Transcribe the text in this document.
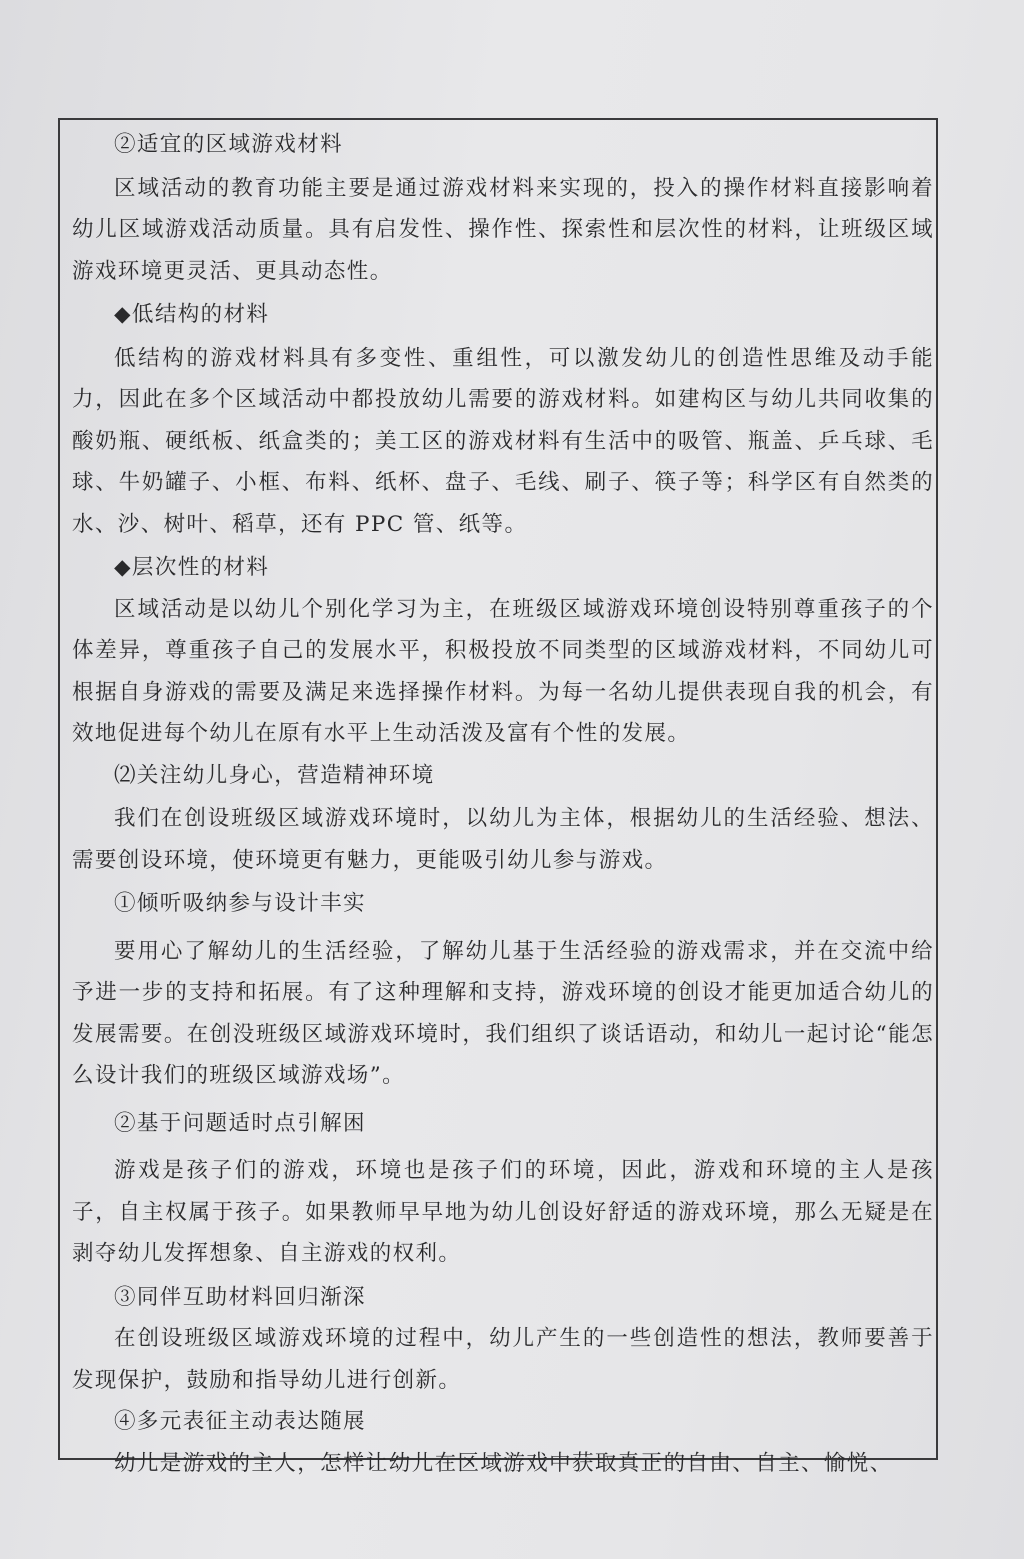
②适宜的区域游戏材料

区域活动的教育功能主要是通过游戏材料来实现的，投入的操作材料直接影响着幼儿区域游戏活动质量。具有启发性、操作性、探索性和层次性的材料，让班级区域游戏环境更灵活、更具动态性。

◆低结构的材料

低结构的游戏材料具有多变性、重组性，可以激发幼儿的创造性思维及动手能力，因此在多个区域活动中都投放幼儿需要的游戏材料。如建构区与幼儿共同收集的酸奶瓶、硬纸板、纸盒类的；美工区的游戏材料有生活中的吸管、瓶盖、乒乓球、毛球、牛奶罐子、小框、布料、纸杯、盘子、毛线、刷子、筷子等；科学区有自然类的水、沙、树叶、稻草，还有 PPC 管、纸等。

◆层次性的材料

区域活动是以幼儿个别化学习为主，在班级区域游戏环境创设特别尊重孩子的个体差异，尊重孩子自己的发展水平，积极投放不同类型的区域游戏材料，不同幼儿可根据自身游戏的需要及满足来选择操作材料。为每一名幼儿提供表现自我的机会，有效地促进每个幼儿在原有水平上生动活泼及富有个性的发展。

⑵关注幼儿身心，营造精神环境

我们在创设班级区域游戏环境时，以幼儿为主体，根据幼儿的生活经验、想法、需要创设环境，使环境更有魅力，更能吸引幼儿参与游戏。

①倾听吸纳参与设计丰实

要用心了解幼儿的生活经验，了解幼儿基于生活经验的游戏需求，并在交流中给予进一步的支持和拓展。有了这种理解和支持，游戏环境的创设才能更加适合幼儿的发展需要。在创没班级区域游戏环境时，我们组织了谈话语动，和幼儿一起讨论“能怎么设计我们的班级区域游戏场”。

②基于问题适时点引解困

游戏是孩子们的游戏，环境也是孩子们的环境，因此，游戏和环境的主人是孩子，自主权属于孩子。如果教师早早地为幼儿创设好舒适的游戏环境，那么无疑是在剥夺幼儿发挥想象、自主游戏的权利。

③同伴互助材料回归渐深

在创设班级区域游戏环境的过程中，幼儿产生的一些创造性的想法，教师要善于发现保护，鼓励和指导幼儿进行创新。

④多元表征主动表达随展

幼儿是游戏的主人，怎样让幼儿在区域游戏中获取真正的自由、自主、愉悦、
